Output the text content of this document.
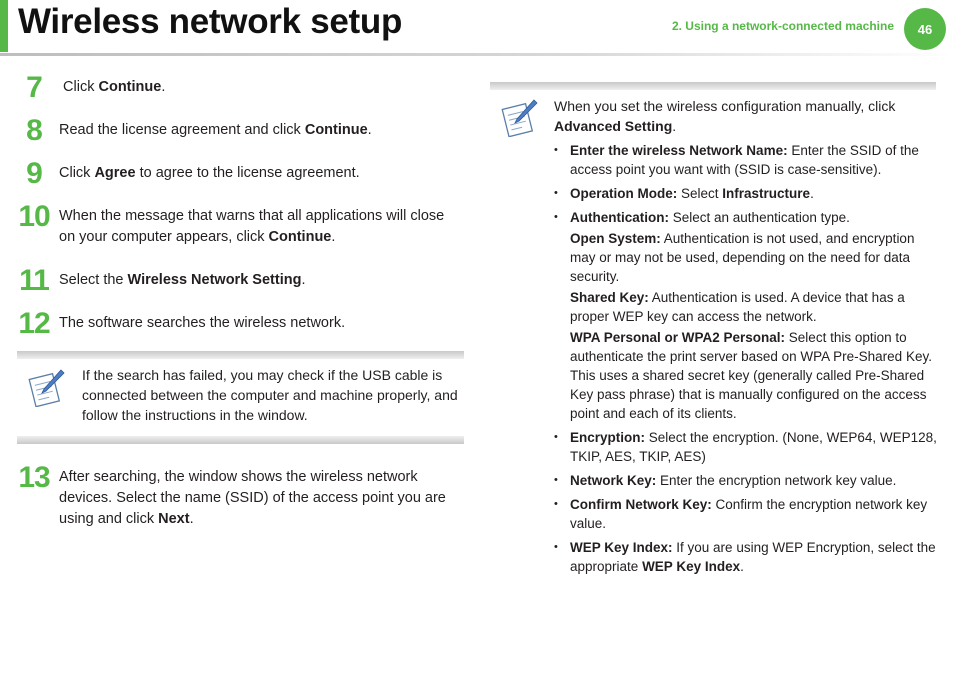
Wireless network setup	2. Using a network-connected machine 46
7	Click Continue.
8	Read the license agreement and click Continue.
9	Click Agree to agree to the license agreement.
10 When the message that warns that all applications will close on your computer appears, click Continue.
11 Select the Wireless Network Setting.
12 The software searches the wireless network.
If the search has failed, you may check if the USB cable is connected between the computer and machine properly, and follow the instructions in the window.
13 After searching, the window shows the wireless network devices. Select the name (SSID) of the access point you are using and click Next.
When you set the wireless configuration manually, click Advanced Setting.
• Enter the wireless Network Name: Enter the SSID of the access point you want with (SSID is case-sensitive).
• Operation Mode: Select Infrastructure.
• Authentication: Select an authentication type.
Open System: Authentication is not used, and encryption may or may not be used, depending on the need for data security.
Shared Key: Authentication is used. A device that has a proper WEP key can access the network.
WPA Personal or WPA2 Personal: Select this option to authenticate the print server based on WPA Pre-Shared Key. This uses a shared secret key (generally called Pre-Shared Key pass phrase) that is manually configured on the access point and each of its clients.
• Encryption: Select the encryption. (None, WEP64, WEP128, TKIP, AES, TKIP, AES)
• Network Key: Enter the encryption network key value.
• Confirm Network Key: Confirm the encryption network key value.
• WEP Key Index: If you are using WEP Encryption, select the appropriate WEP Key Index.
